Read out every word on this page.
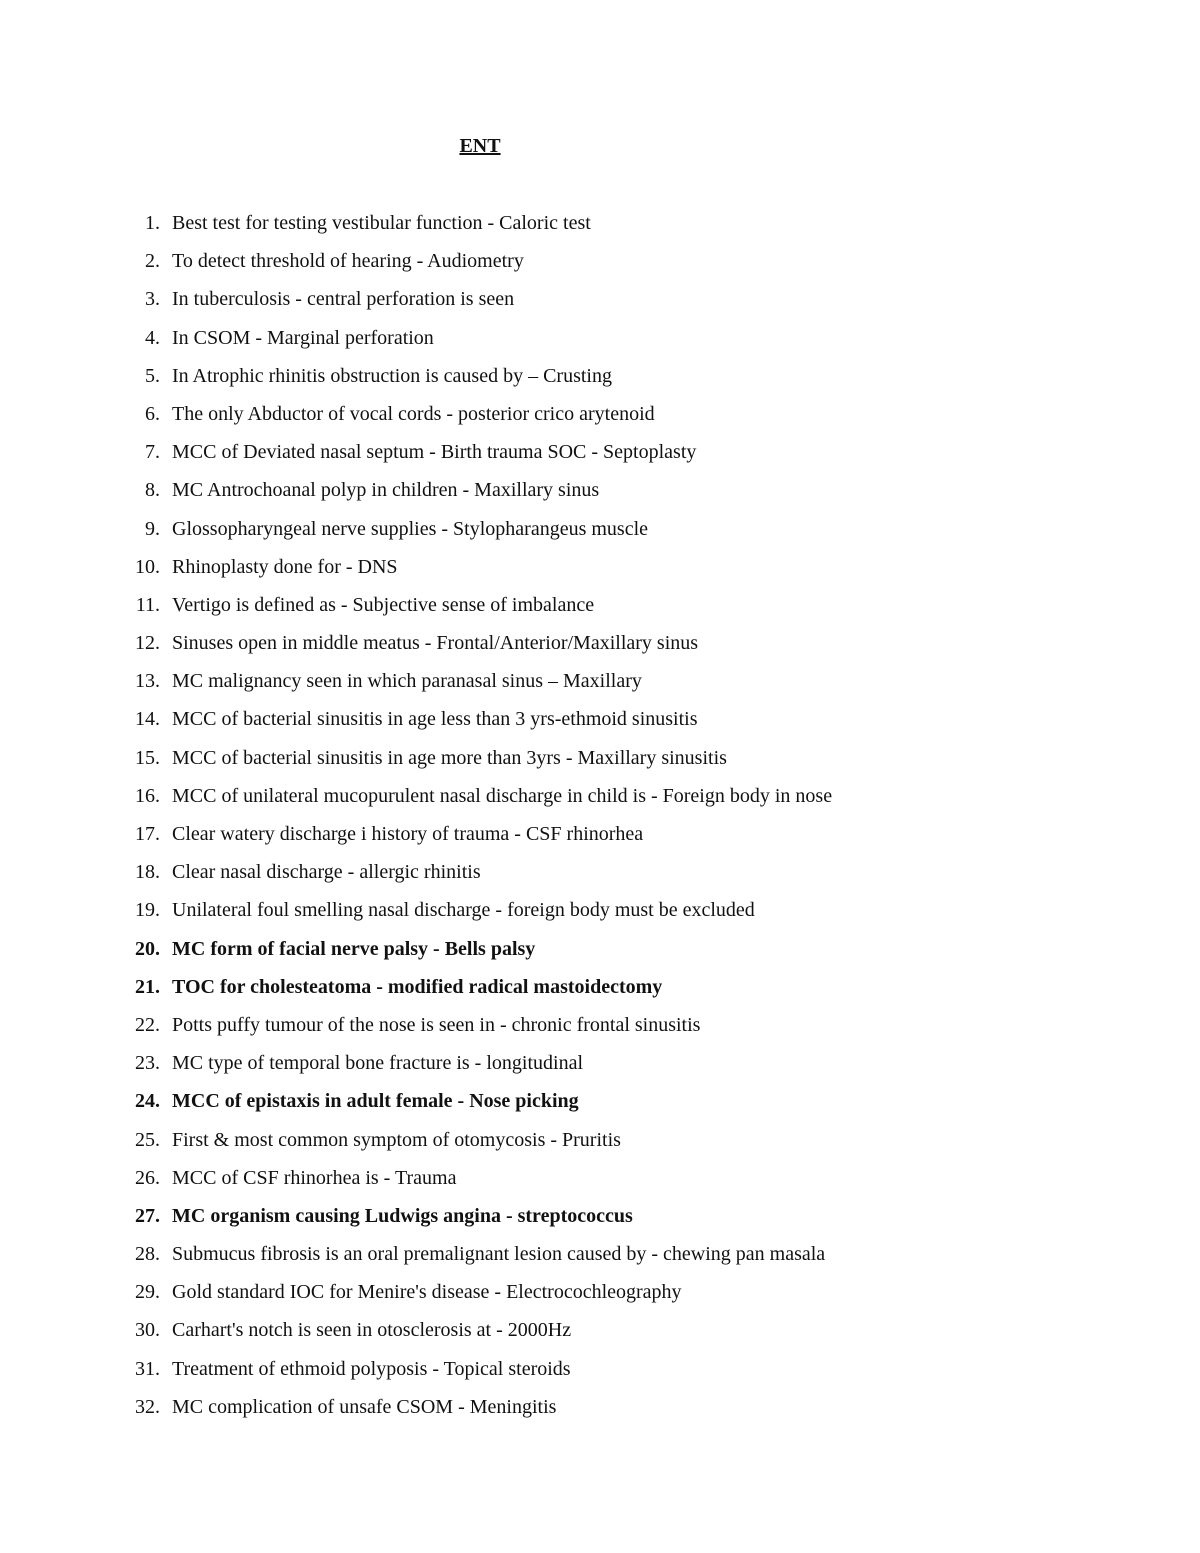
ENT
1. Best test for testing vestibular function - Caloric test
2. To detect threshold of hearing - Audiometry
3. In tuberculosis - central perforation is seen
4. In CSOM - Marginal perforation
5. In Atrophic rhinitis obstruction is caused by – Crusting
6. The only Abductor of vocal cords - posterior crico arytenoid
7. MCC of Deviated nasal septum - Birth trauma SOC - Septoplasty
8. MC Antrochoanal polyp in children - Maxillary sinus
9. Glossopharyngeal nerve supplies - Stylopharangeus muscle
10. Rhinoplasty done for - DNS
11. Vertigo is defined as - Subjective sense of imbalance
12. Sinuses open in middle meatus - Frontal/Anterior/Maxillary sinus
13. MC malignancy seen in which paranasal sinus – Maxillary
14. MCC of bacterial sinusitis in age less than 3 yrs-ethmoid sinusitis
15. MCC of bacterial sinusitis in age more than 3yrs - Maxillary sinusitis
16. MCC of unilateral mucopurulent nasal discharge in child is - Foreign body in nose
17. Clear watery discharge i history of trauma - CSF rhinorhea
18. Clear nasal discharge - allergic rhinitis
19. Unilateral foul smelling nasal discharge - foreign body must be excluded
20. MC form of facial nerve palsy - Bells palsy
21. TOC for cholesteatoma - modified radical mastoidectomy
22. Potts puffy tumour of the nose is seen in - chronic frontal sinusitis
23. MC type of temporal bone fracture is - longitudinal
24. MCC of epistaxis in adult female - Nose picking
25. First & most common symptom of otomycosis - Pruritis
26. MCC of CSF rhinorhea is - Trauma
27. MC organism causing Ludwigs angina - streptococcus
28. Submucus fibrosis is an oral premalignant lesion caused by - chewing pan masala
29. Gold standard IOC for Menire's disease - Electrocochleography
30. Carhart's notch is seen in otosclerosis at - 2000Hz
31. Treatment of ethmoid polyposis - Topical steroids
32. MC complication of unsafe CSOM - Meningitis
